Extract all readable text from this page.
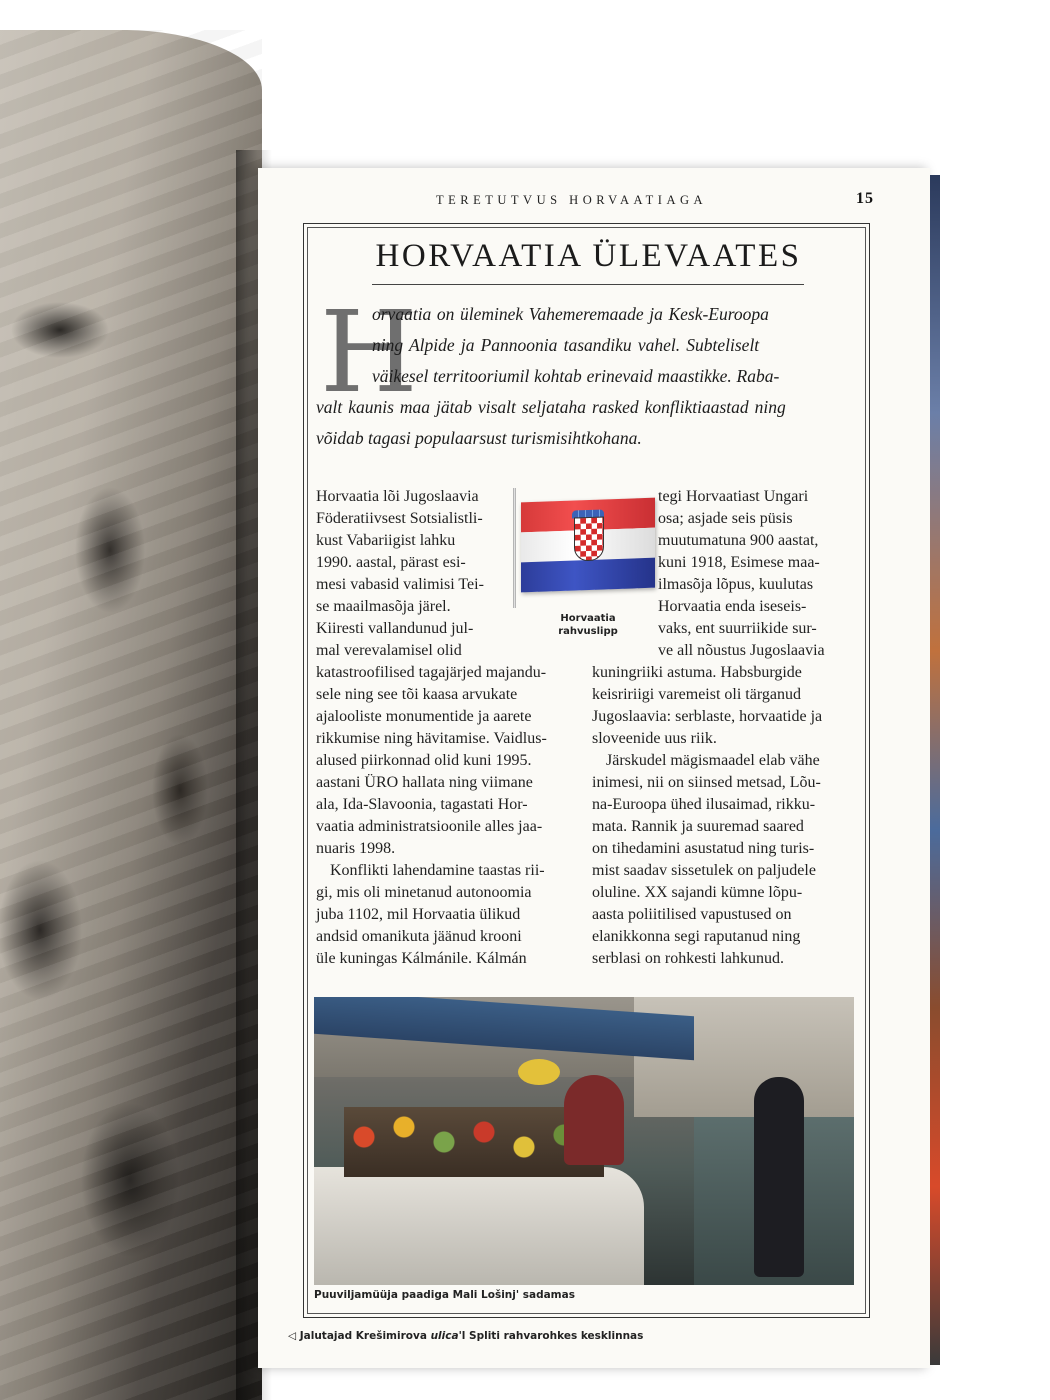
TERETUTVUS HORVAATIAGA	15
HORVAATIA ÜLEVAATES
H
orvaatia on üleminek Vahemeremaade ja Kesk-Euroopa
ning Alpide ja Pannoonia tasandiku vahel. Subteliselt
väikesel territooriumil kohtab erinevaid maastikke. Raba-
valt kaunis maa jätab visalt seljataha rasked konfliktiaastad ning
võidab tagasi populaarsust turismisihtkohana.
Horvaatia lõi Jugoslaavia
Föderatiivsest Sotsialistli-
kust Vabariigist lahku
1990. aastal, pärast esi-
mesi vabasid valimisi Tei-
se maailmasõja järel.
Kiiresti vallandunud jul-
mal verevalamisel olid
katastroofilised tagajärjed majandu-
sele ning see tõi kaasa arvukate
ajalooliste monumentide ja aarete
rikkumise ning hävitamise. Vaidlus-
alused piirkonnad olid kuni 1995.
aastani ÜRO hallata ning viimane
ala, Ida-Slavoonia, tagastati Hor-
vaatia administratsioonile alles jaa-
nuaris 1998.
Konflikti lahendamine taastas rii-
gi, mis oli minetanud autonoomia
juba 1102, mil Horvaatia ülikud
andsid omanikuta jäänud krooni
üle kuningas Kálmánile. Kálmán
Horvaatia
rahvuslipp
tegi Horvaatiast Ungari
osa; asjade seis püsis
muutumatuna 900 aastat,
kuni 1918, Esimese maa-
ilmasõja lõpus, kuulutas
Horvaatia enda iseseis-
vaks, ent suurriikide sur-
ve all nõustus Jugoslaavia
kuningriiki astuma. Habsburgide
keisririigi varemeist oli tärganud
Jugoslaavia: serblaste, horvaatide ja
sloveenide uus riik.
Järskudel mägismaadel elab vähe
inimesi, nii on siinsed metsad, Lõu-
na-Euroopa ühed ilusaimad, rikku-
mata. Rannik ja suuremad saared
on tihedamini asustatud ning turis-
mist saadav sissetulek on paljudele
oluline. XX sajandi kümne lõpu-
aasta poliitilised vapustused on
elanikkonna segi raputanud ning
serblasi on rohkesti lahkunud.
Puuviljamüüja paadiga Mali Lošinj' sadamas
◁ Jalutajad Krešimirova ulica'l Spliti rahvarohkes kesklinnas
